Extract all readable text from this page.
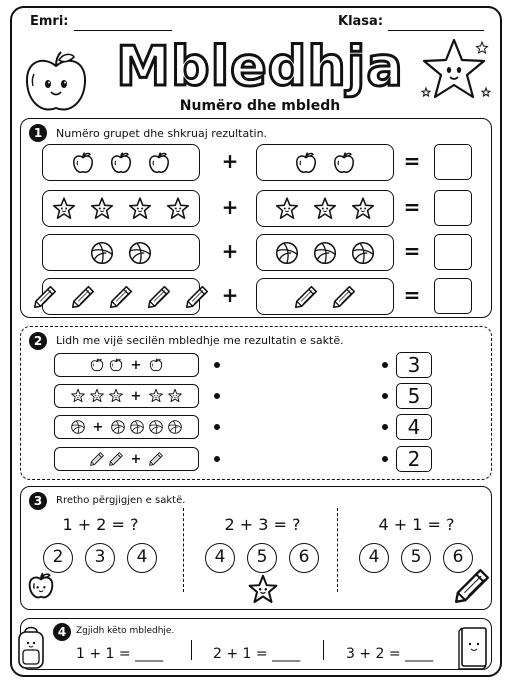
Emri:	Klasa:
Mbledhja
Numëro dhe mbledh
1	Numëro grupet dhe shkruaj rezultatin.
+	=
+	=
+	=
+	=
2	Lidh me vijë secilën mbledhje me rezultatin e saktë.
+	3
+	5
+	4
+	2
3	Rretho përgjigjen e saktë.
1 + 2 = ?
2	3	4
2 + 3 = ?
4	5	6
4 + 1 = ?
4	5	6
4	Zgjidh këto mbledhje.
1 + 1 = ____	2 + 1 = ____	3 + 2 = ____
